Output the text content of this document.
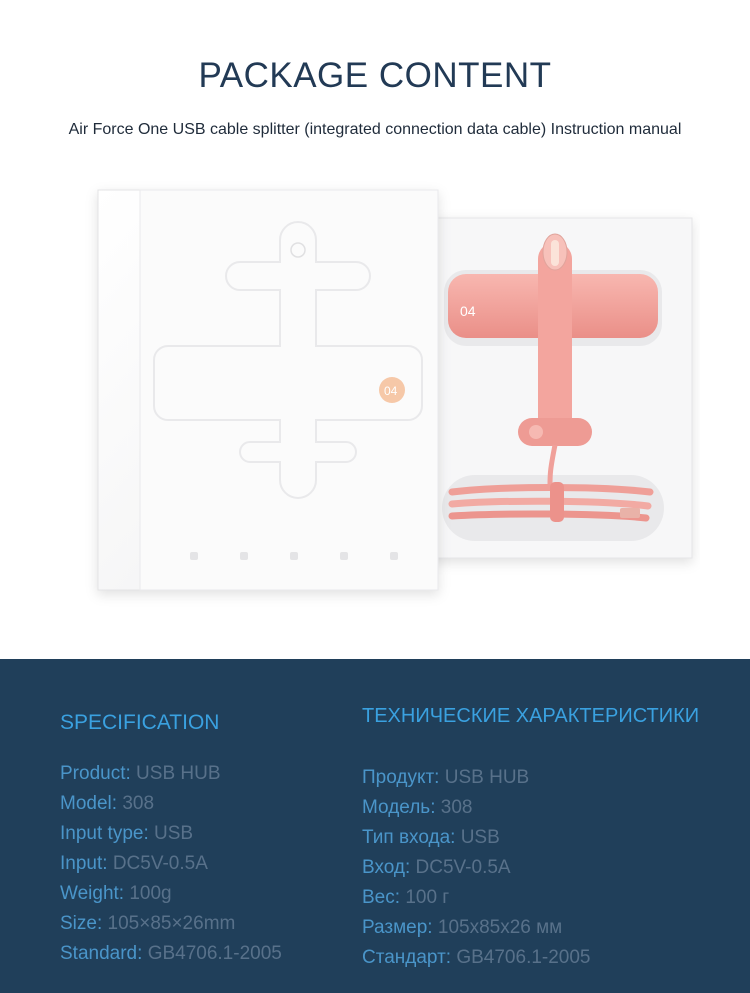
PACKAGE CONTENT
Air Force One USB cable splitter (integrated connection data cable) Instruction manual
04
04
SPECIFICATION
Product: USB HUB
Model: 308
Input type: USB
Input: DC5V-0.5A
Weight: 100g
Size: 105×85×26mm
Standard: GB4706.1-2005
ТЕХНИЧЕСКИЕ ХАРАКТЕРИСТИКИ
Продукт: USB HUB
Модель: 308
Тип входа: USB
Вход: DC5V-0.5A
Вес: 100 г
Размер: 105x85x26 мм
Стандарт: GB4706.1-2005
